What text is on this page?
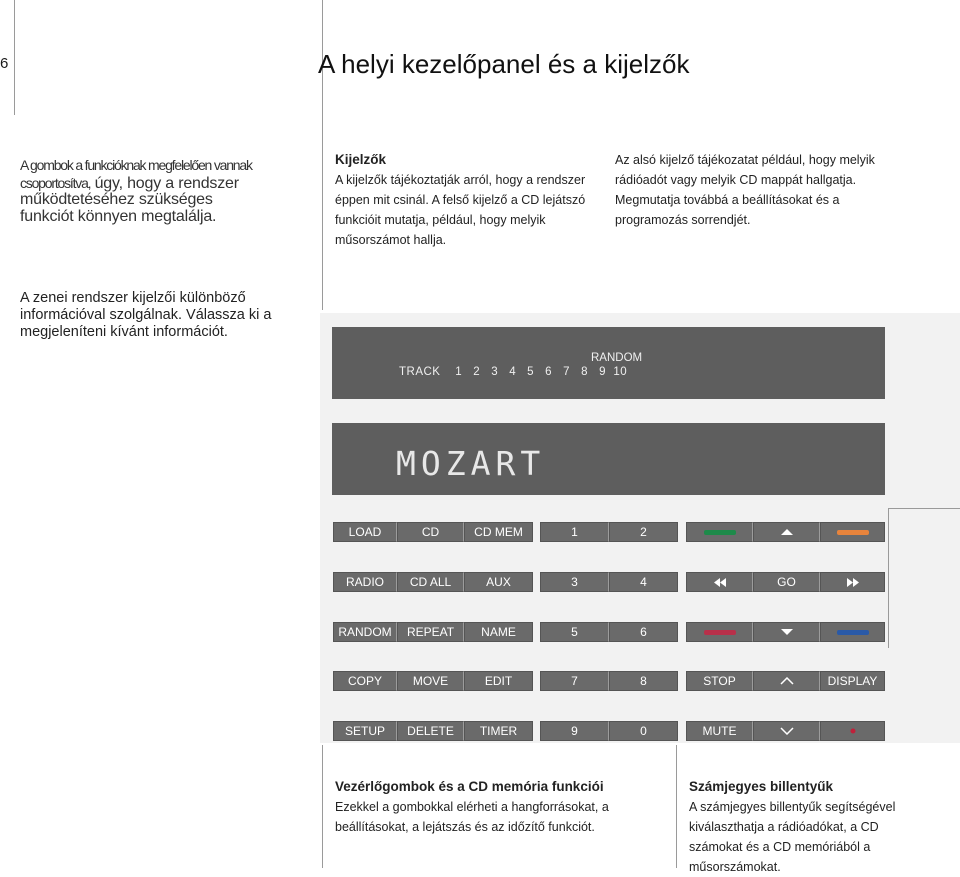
6	A helyi kezelőpanel és a kijelzők
A gombok a funkcióknak megfelelően vannak csoportosítva, úgy, hogy a rendszer működtetéséhez szükséges funkciót könnyen megtalálja.
A zenei rendszer kijelzői különböző információval szolgálnak. Válassza ki a megjeleníteni kívánt információt.
Kijelzők
A kijelzők tájékoztatják arról, hogy a rendszer éppen mit csinál. A felső kijelző a CD lejátszó funkcióit mutatja, például, hogy melyik műsorszámot hallja.
Az alsó kijelző tájékozatat például, hogy melyik rádióadót vagy melyik CD mappát hallgatja. Megmutatja továbbá a beállításokat és a programozás sorrendjét.
RANDOM
TRACK    1   2   3   4   5   6   7   8   9  10
MOZART
LOAD	CD	CD MEM	1	2
RADIO	CD ALL	AUX	3	4	GO
RANDOM	REPEAT	NAME	5	6
COPY	MOVE	EDIT	7	8	STOP	DISPLAY
SETUP	DELETE	TIMER	9	0	MUTE
Vezérlőgombok és a CD memória funkciói
Ezekkel a gombokkal elérheti a hangforrásokat, a beállításokat, a lejátszás és az időzítő funkciót.
Számjegyes billentyűk
A számjegyes billentyűk segítségével kiválaszthatja a rádióadókat, a CD számokat és a CD memóriából a műsorszámokat.
